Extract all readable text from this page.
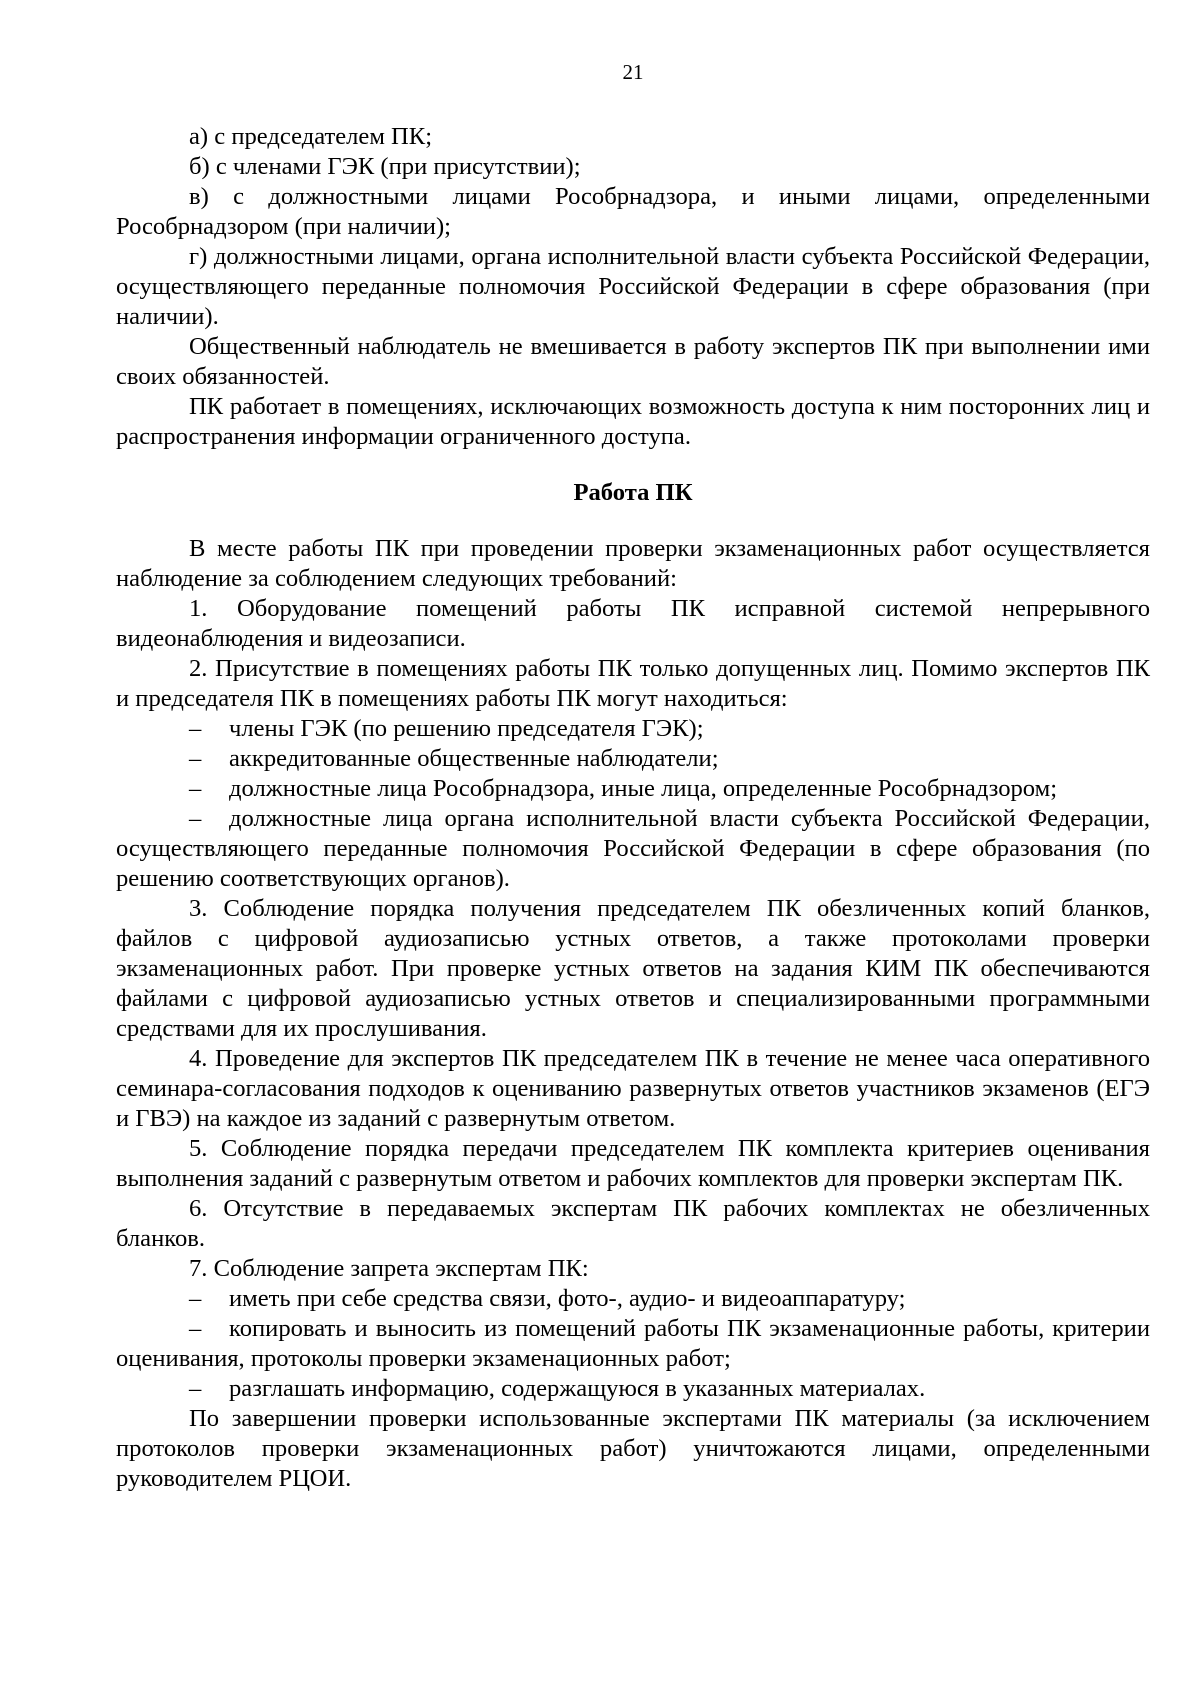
21

а) с председателем ПК;

б) с членами ГЭК (при присутствии);

в) с должностными лицами Рособрнадзора, и иными лицами, определенными Рособрнадзором (при наличии);

г) должностными лицами, органа исполнительной власти субъекта Российской Федерации, осуществляющего переданные полномочия Российской Федерации в сфере образования (при наличии).

Общественный наблюдатель не вмешивается в работу экспертов ПК при выполнении ими своих обязанностей.

ПК работает в помещениях, исключающих возможность доступа к ним посторонних лиц и распространения информации ограниченного доступа.

Работа ПК

В месте работы ПК при проведении проверки экзаменационных работ осуществляется наблюдение за соблюдением следующих требований:

1. Оборудование помещений работы ПК исправной системой непрерывного видеонаблюдения и видеозаписи.

2. Присутствие в помещениях работы ПК только допущенных лиц. Помимо экспертов ПК и председателя ПК в помещениях работы ПК могут находиться:

– члены ГЭК (по решению председателя ГЭК);

– аккредитованные общественные наблюдатели;

– должностные лица Рособрнадзора, иные лица, определенные Рособрнадзором;

– должностные лица органа исполнительной власти субъекта Российской Федерации, осуществляющего переданные полномочия Российской Федерации в сфере образования (по решению соответствующих органов).

3. Соблюдение порядка получения председателем ПК обезличенных копий бланков, файлов с цифровой аудиозаписью устных ответов, а также протоколами проверки экзаменационных работ. При проверке устных ответов на задания КИМ ПК обеспечиваются файлами с цифровой аудиозаписью устных ответов и специализированными программными средствами для их прослушивания.

4. Проведение для экспертов ПК председателем ПК в течение не менее часа оперативного семинара-согласования подходов к оцениванию развернутых ответов участников экзаменов (ЕГЭ и ГВЭ) на каждое из заданий с развернутым ответом.

5. Соблюдение порядка передачи председателем ПК комплекта критериев оценивания выполнения заданий с развернутым ответом и рабочих комплектов для проверки экспертам ПК.

6. Отсутствие в передаваемых экспертам ПК рабочих комплектах не обезличенных бланков.

7. Соблюдение запрета экспертам ПК:

– иметь при себе средства связи, фото-, аудио- и видеоаппаратуру;

– копировать и выносить из помещений работы ПК экзаменационные работы, критерии оценивания, протоколы проверки экзаменационных работ;

– разглашать информацию, содержащуюся в указанных материалах.

По завершении проверки использованные экспертами ПК материалы (за исключением протоколов проверки экзаменационных работ) уничтожаются лицами, определенными руководителем РЦОИ.
